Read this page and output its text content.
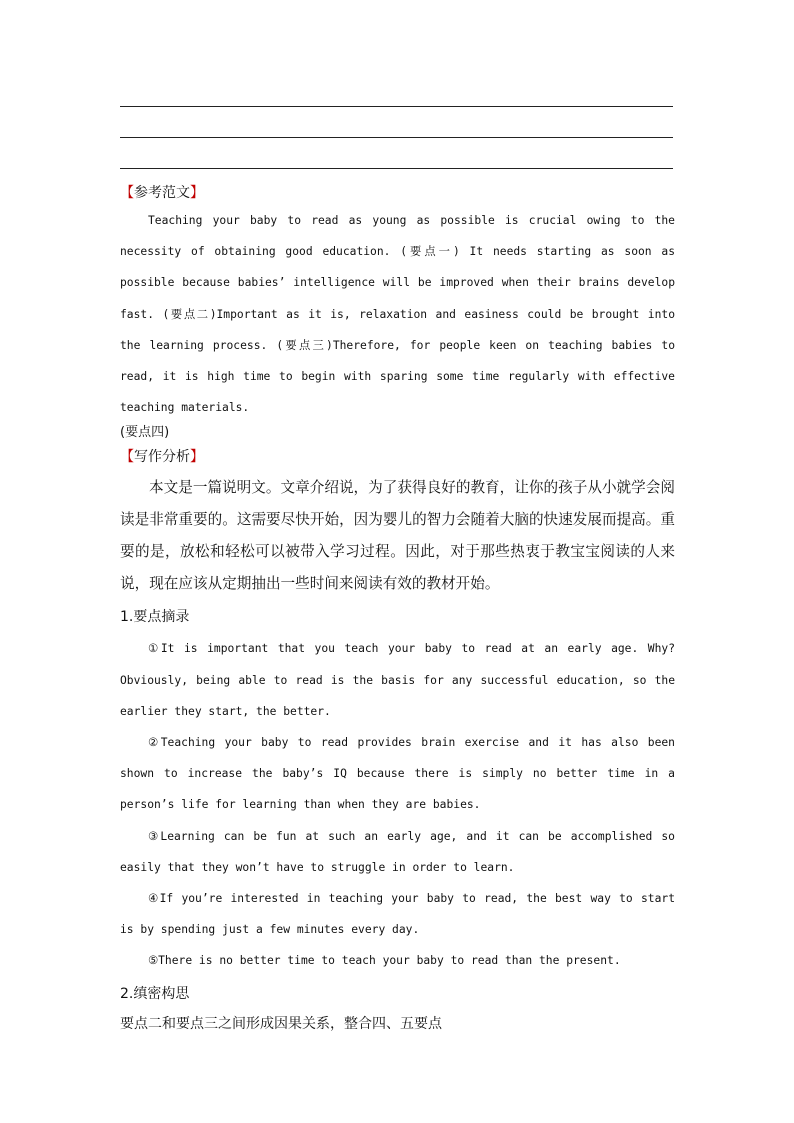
【参考范文】

Teaching your baby to read as young as possible is crucial owing to the necessity of obtaining good education. (要点一) It needs starting as soon as possible because babies’ intelligence will be improved when their brains develop fast. (要点二)Important as it is, relaxation and easiness could be brought into the learning process. (要点三)Therefore, for people keen on teaching babies to read, it is high time to begin with sparing some time regularly with effective teaching materials.

(要点四)
【写作分析】

本文是一篇说明文。文章介绍说，为了获得良好的教育，让你的孩子从小就学会阅读是非常重要的。这需要尽快开始，因为婴儿的智力会随着大脑的快速发展而提高。重要的是，放松和轻松可以被带入学习过程。因此，对于那些热衷于教宝宝阅读的人来说，现在应该从定期抽出一些时间来阅读有效的教材开始。

1.要点摘录

①It is important that you teach your baby to read at an early age. Why? Obviously, being able to read is the basis for any successful education, so the earlier they start, the better.

②Teaching your baby to read provides brain exercise and it has also been shown to increase the baby’s IQ because there is simply no better time in a person’s life for learning than when they are babies.

③Learning can be fun at such an early age, and it can be accomplished so easily that they won’t have to struggle in order to learn.

④If you’re interested in teaching your baby to read, the best way to start is by spending just a few minutes every day.

⑤There is no better time to teach your baby to read than the present.

2.缜密构思

要点二和要点三之间形成因果关系，整合四、五要点
